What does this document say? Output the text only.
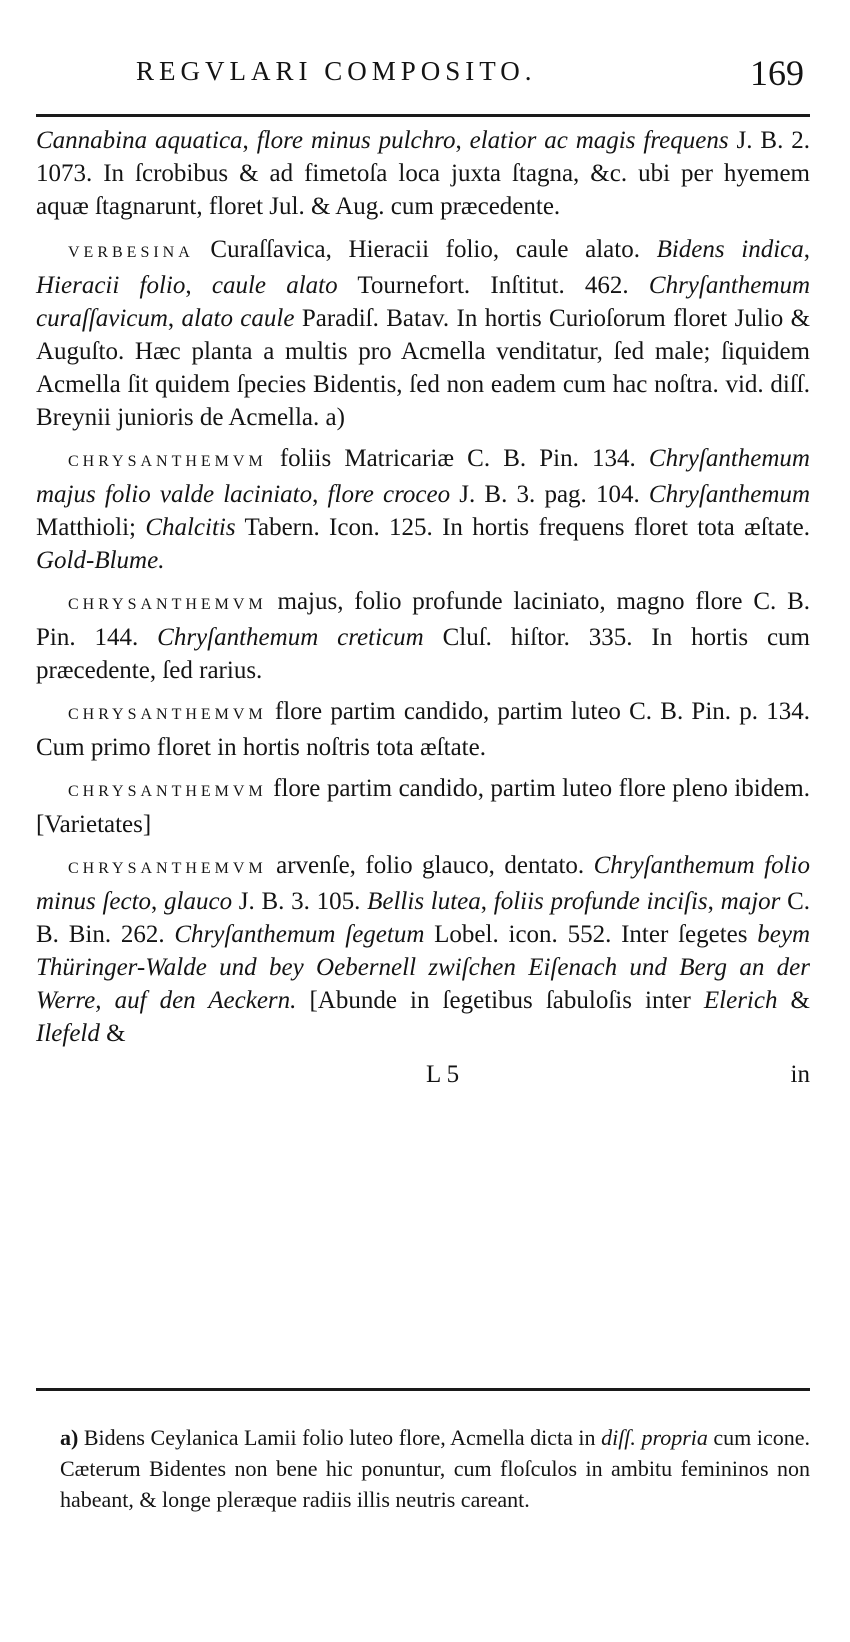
REGVLARI COMPOSITO.	169

Cannabina aquatica, flore minus pulchro, elatior ac magis frequens J. B. 2. 1073. In ſcrobibus & ad fimetoſa loca juxta ſtagna, &c. ubi per hyemem aquæ ſtagnarunt, floret Jul. & Aug. cum præcedente.

VERBESINA Curaſſavica, Hieracii folio, caule alato. Bidens indica, Hieracii folio, caule alato Tournefort. Inſtitut. 462. Chryſanthemum curaſſavicum, alato caule Paradiſ. Batav. In hortis Curioſorum floret Julio & Auguſto. Hæc planta a multis pro Acmella venditatur, ſed male; ſiquidem Acmella ſit quidem ſpecies Bidentis, ſed non eadem cum hac noſtra. vid. diſſ. Breynii junioris de Acmella. a)

CHRYSANTHEMVM foliis Matricariæ C. B. Pin. 134. Chryſanthemum majus folio valde laciniato, flore croceo J. B. 3. pag. 104. Chryſanthemum Matthioli; Chalcitis Tabern. Icon. 125. In hortis frequens floret tota æſtate. Gold-Blume.

CHRYSANTHEMVM majus, folio profunde laciniato, magno flore C. B. Pin. 144. Chryſanthemum creticum Cluſ. hiſtor. 335. In hortis cum præcedente, ſed rarius.

CHRYSANTHEMVM flore partim candido, partim luteo C. B. Pin. p. 134. Cum primo floret in hortis noſtris tota æſtate.

CHRYSANTHEMVM flore partim candido, partim luteo flore pleno ibidem. [Varietates]

CHRYSANTHEMVM arvenſe, folio glauco, dentato. Chryſanthemum folio minus ſecto, glauco J. B. 3. 105. Bellis lutea, foliis profunde inciſis, major C. B. Bin. 262. Chryſanthemum ſegetum Lobel. icon. 552. Inter ſegetes beym Thüringer-Walde und bey Oebernell zwiſchen Eiſenach und Berg an der Werre, auf den Aeckern. [Abunde in ſegetibus ſabuloſis inter Elerich & Ilefeld &

L 5	in

a) Bidens Ceylanica Lamii folio luteo flore, Acmella dicta in diſſ. propria cum icone. Cæterum Bidentes non bene hic ponuntur, cum floſculos in ambitu femininos non habeant, & longe pleræque radiis illis neutris careant.
